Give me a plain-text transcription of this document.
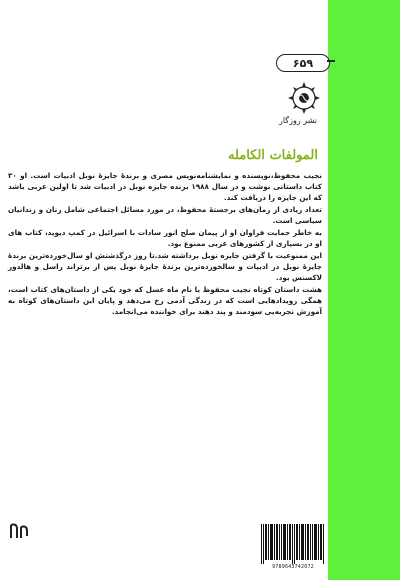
۶۵۹
نشر روزگار
المولفات الکامله

نجیب محفوظ،نویسنده و نمایشنامه‌نویس مصری و برندهٔ جایزهٔ نوبل ادبیات است. او ۳۰ کتاب داستانی نوشت و در سال ۱۹۸۸ برنده جایزه نوبل در ادبیات شد تا اولین عربی باشد که این جایزه را دریافت کند.

تعداد زیادی از رمان‌های برجستهٔ محفوظ، در مورد مسائل اجتماعی شامل زنان و زندانیان سیاسی است.

به خاطر حمایت فراوان او از پیمان صلح انور سادات با اسرائیل در کمپ دیوید، کتاب های او در بسیاری از کشورهای عربی ممنوع بود.

این ممنوعیت با گرفتن جایزه نوبل برداشته شد.تا روز درگذشتش او سال‌خورده‌ترین برندهٔ جایزهٔ نوبل در ادبیات و سالخورده‌ترین برندهٔ جایزهٔ نوبل پس از برتراند راسل و هالدور لاکسنس بود.

هشت داستان کوتاه نجیب محفوظ با نام ماه عسل که خود یکی از داستان‌های کتاب است، همگی رویدادهایی است که در زندگی آدمی رخ می‌دهد و پایان این داستان‌های کوتاه به آموزش تجربه‌یی سودمند و پند دهند برای خواننده می‌انجامد.

9789643742072
